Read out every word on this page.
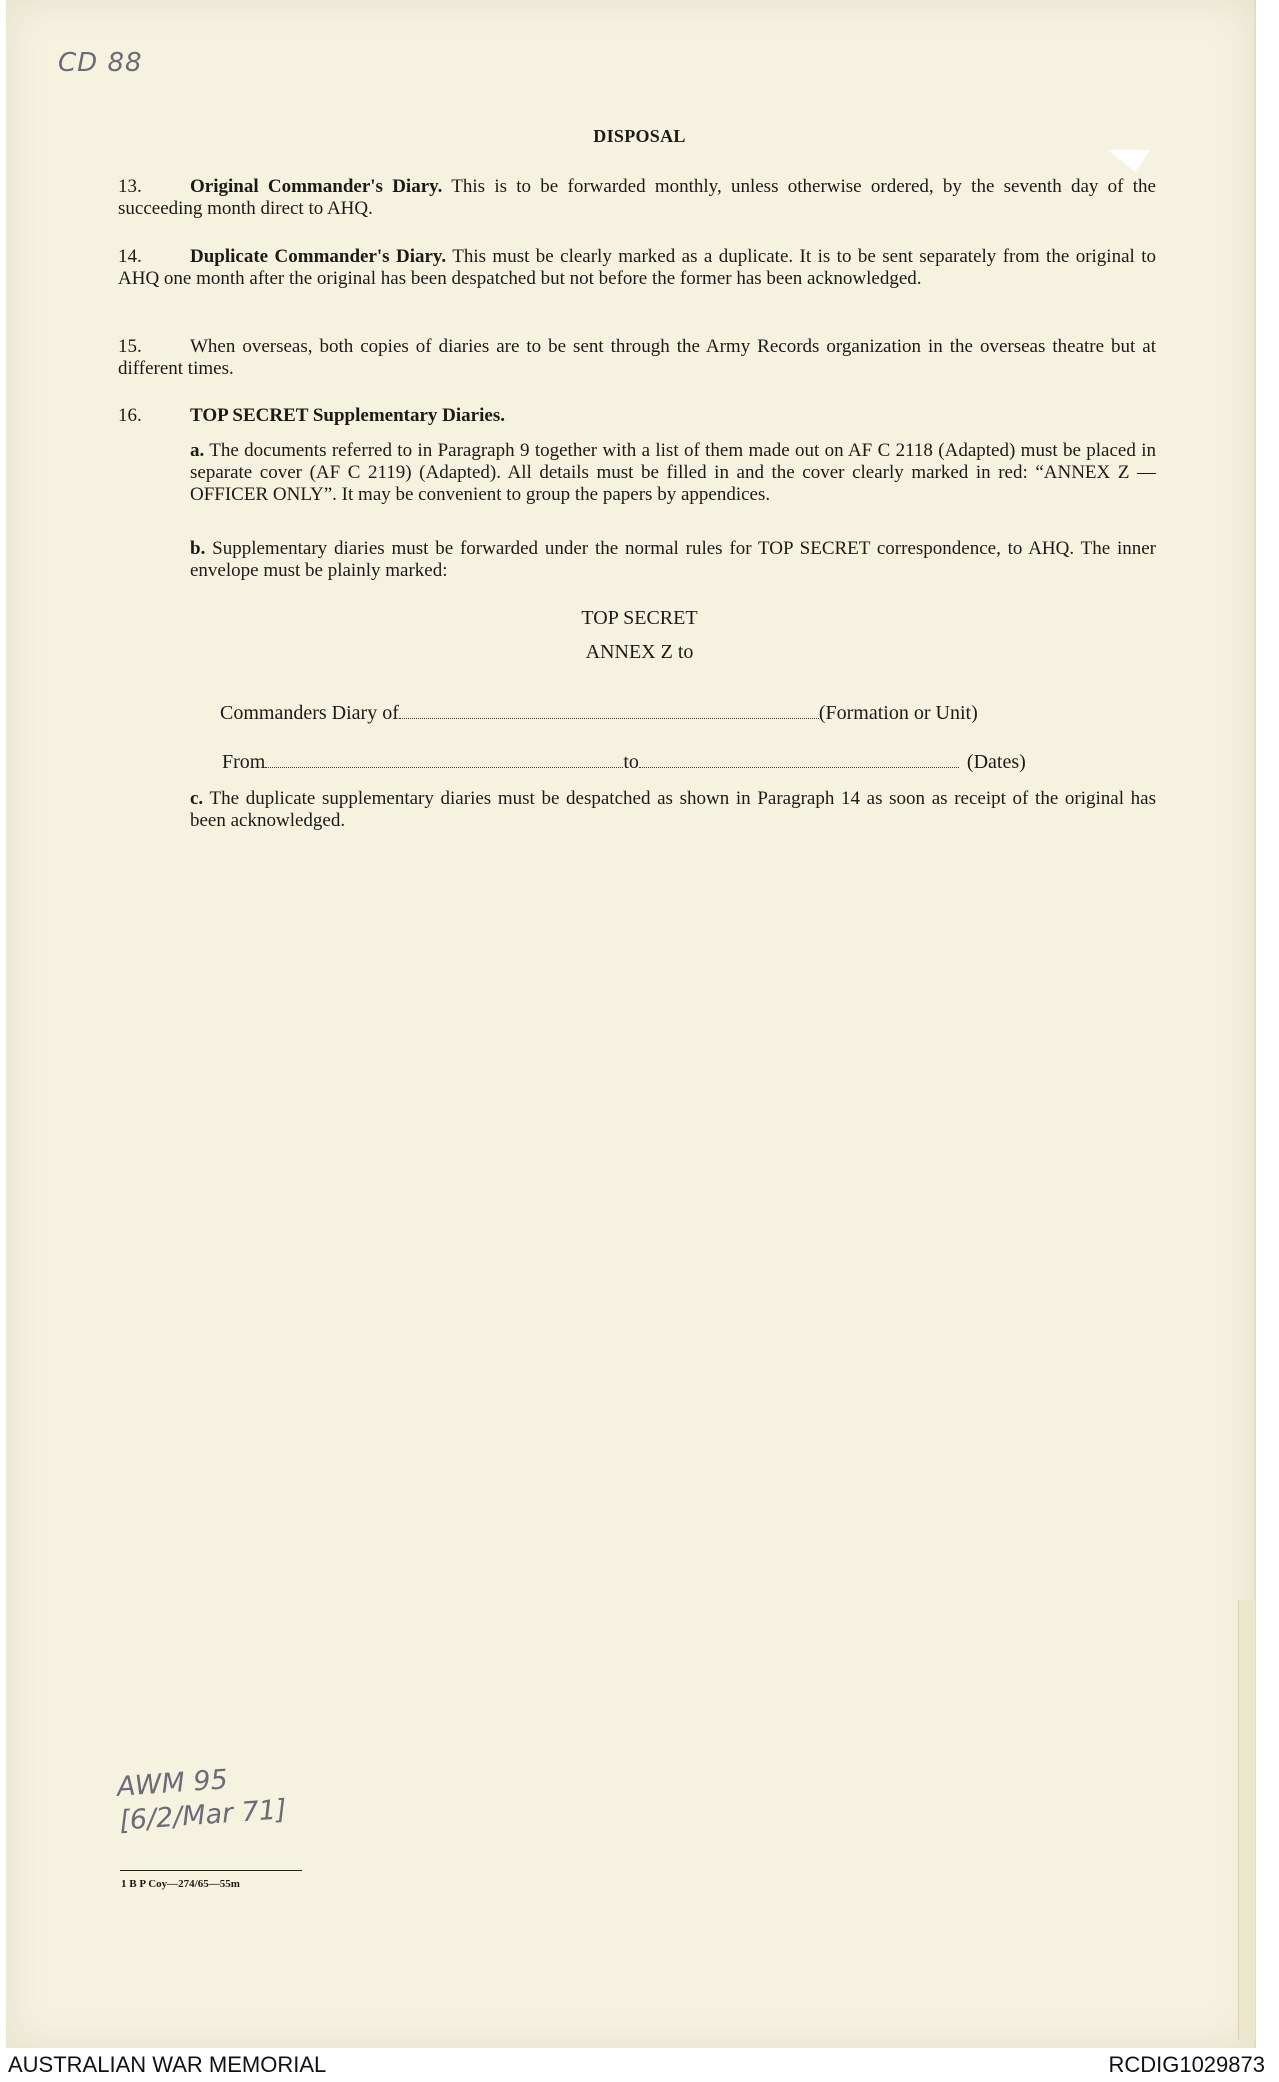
CD 88
DISPOSAL
13.	Original Commander's Diary. This is to be forwarded monthly, unless otherwise ordered, by the seventh day of the succeeding month direct to AHQ.
14.	Duplicate Commander's Diary. This must be clearly marked as a duplicate. It is to be sent separately from the original to AHQ one month after the original has been despatched but not before the former has been acknowledged.
15.	When overseas, both copies of diaries are to be sent through the Army Records organization in the overseas theatre but at different times.
16.	TOP SECRET Supplementary Diaries.
a. The documents referred to in Paragraph 9 together with a list of them made out on AF C 2118 (Adapted) must be placed in separate cover (AF C 2119) (Adapted). All details must be filled in and the cover clearly marked in red: “ANNEX Z — OFFICER ONLY”. It may be convenient to group the papers by appendices.
b. Supplementary diaries must be forwarded under the normal rules for TOP SECRET correspondence, to AHQ. The inner envelope must be plainly marked:
TOP SECRET
ANNEX Z to
Commanders Diary of	(Formation or Unit)
From	to	(Dates)
c. The duplicate supplementary diaries must be despatched as shown in Paragraph 14 as soon as receipt of the original has been acknowledged.
AWM 95
[6/2/Mar 71]
1 B P Coy—274/65—55m
AUSTRALIAN WAR MEMORIAL	RCDIG1029873
